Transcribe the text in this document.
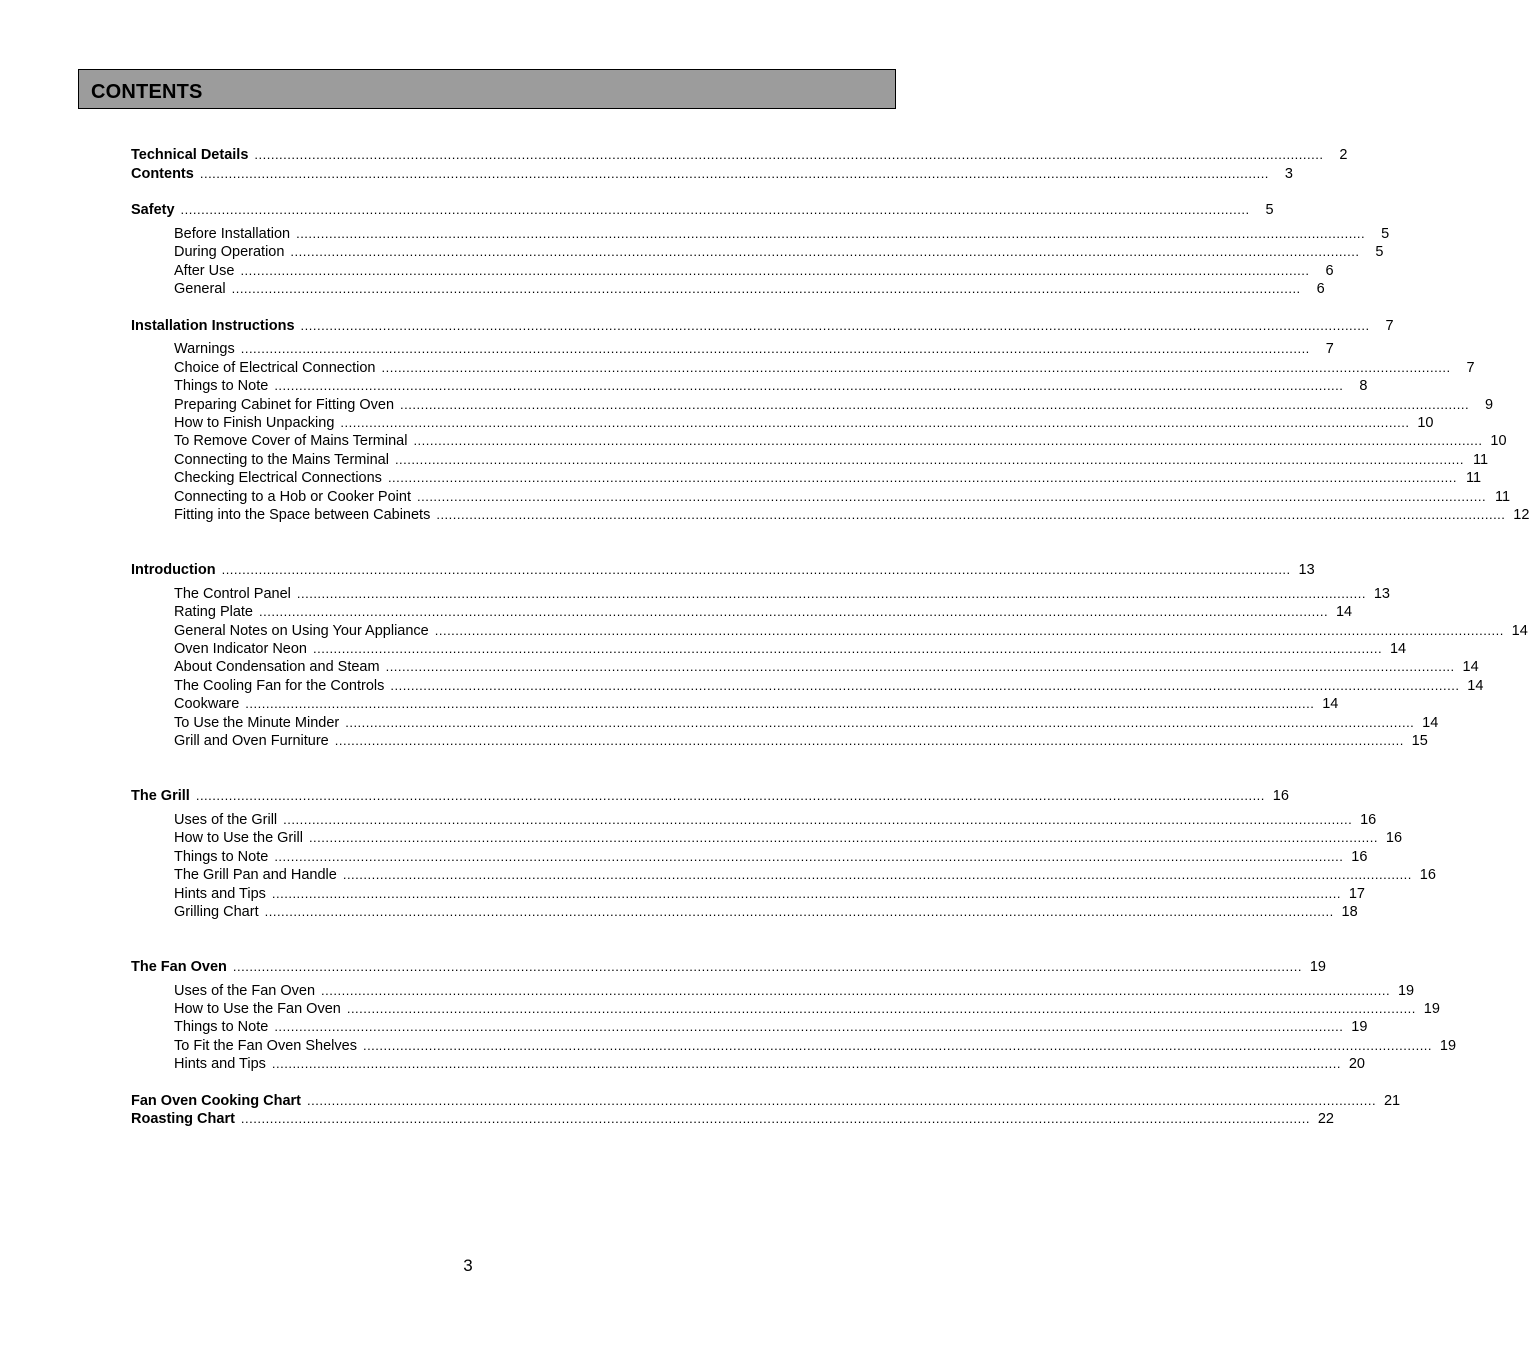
CONTENTS
Technical Details ....................................................................................................................................................................................................................................................................	2
Contents ....................................................................................................................................................................................................................................................................	3
Safety ....................................................................................................................................................................................................................................................................	5
Before Installation ....................................................................................................................................................................................................................................................................	5
During Operation ....................................................................................................................................................................................................................................................................	5
After Use ....................................................................................................................................................................................................................................................................	6
General ....................................................................................................................................................................................................................................................................	6
Installation Instructions ....................................................................................................................................................................................................................................................................	7
Warnings ....................................................................................................................................................................................................................................................................	7
Choice of Electrical Connection ....................................................................................................................................................................................................................................................................	7
Things to Note ....................................................................................................................................................................................................................................................................	8
Preparing Cabinet for Fitting Oven ....................................................................................................................................................................................................................................................................	9
How to Finish Unpacking .................................................................................................................................................................................................................................................................... 10
To Remove Cover of Mains Terminal .................................................................................................................................................................................................................................................................... 10
Connecting to the Mains Terminal .................................................................................................................................................................................................................................................................... 11
Checking Electrical Connections .................................................................................................................................................................................................................................................................... 11
Connecting to a Hob or Cooker Point .................................................................................................................................................................................................................................................................... 11
Fitting into the Space between Cabinets .................................................................................................................................................................................................................................................................... 12
Introduction .................................................................................................................................................................................................................................................................... 13
The Control Panel .................................................................................................................................................................................................................................................................... 13
Rating Plate .................................................................................................................................................................................................................................................................... 14
General Notes on Using Your Appliance .................................................................................................................................................................................................................................................................... 14
Oven Indicator Neon .................................................................................................................................................................................................................................................................... 14
About Condensation and Steam .................................................................................................................................................................................................................................................................... 14
The Cooling Fan for the Controls .................................................................................................................................................................................................................................................................... 14
Cookware .................................................................................................................................................................................................................................................................... 14
To Use the Minute Minder .................................................................................................................................................................................................................................................................... 14
Grill and Oven Furniture .................................................................................................................................................................................................................................................................... 15
The Grill .................................................................................................................................................................................................................................................................... 16
Uses of the Grill .................................................................................................................................................................................................................................................................... 16
How to Use the Grill .................................................................................................................................................................................................................................................................... 16
Things to Note .................................................................................................................................................................................................................................................................... 16
The Grill Pan and Handle .................................................................................................................................................................................................................................................................... 16
Hints and Tips .................................................................................................................................................................................................................................................................... 17
Grilling Chart .................................................................................................................................................................................................................................................................... 18
The Fan Oven .................................................................................................................................................................................................................................................................... 19
Uses of the Fan Oven .................................................................................................................................................................................................................................................................... 19
How to Use the Fan Oven .................................................................................................................................................................................................................................................................... 19
Things to Note .................................................................................................................................................................................................................................................................... 19
To Fit the Fan Oven Shelves .................................................................................................................................................................................................................................................................... 19
Hints and Tips .................................................................................................................................................................................................................................................................... 20
Fan Oven Cooking Chart .................................................................................................................................................................................................................................................................... 21
Roasting Chart .................................................................................................................................................................................................................................................................... 22
3
